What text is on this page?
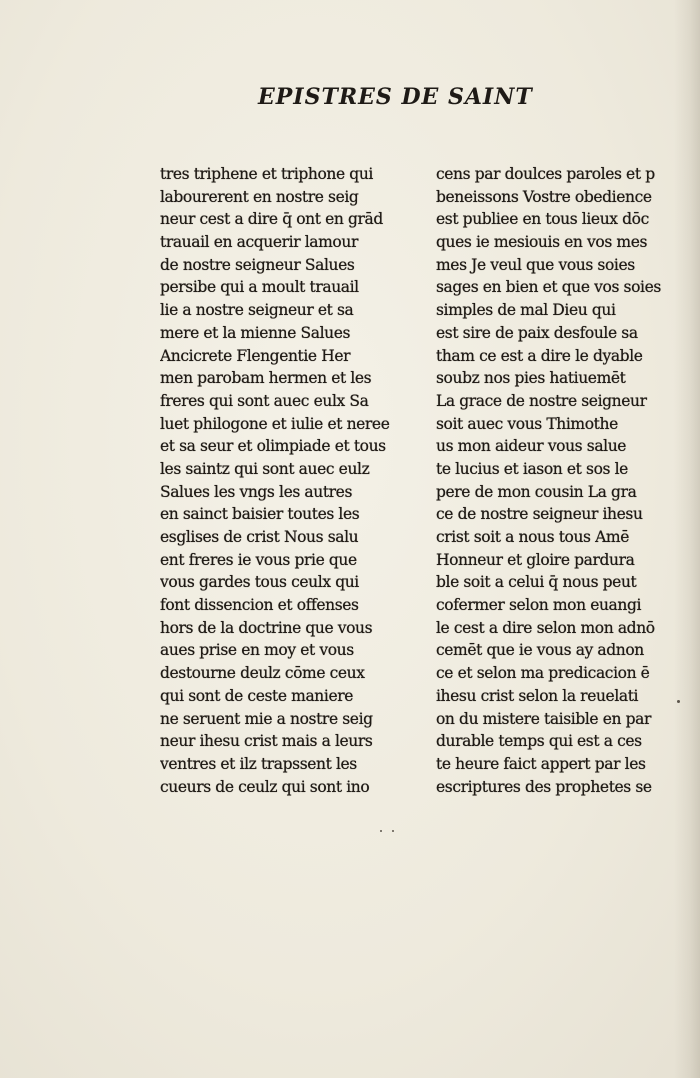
EPISTRES DE SAINT
tres triphene et triphone qui
labourerent en nostre seig
neur cest a dire q̄ ont en grād
trauail en acquerir lamour
de nostre seigneur Salues
persibe qui a moult trauail
lie a nostre seigneur et sa
mere et la mienne Salues
Ancicrete Flengentie Her
men parobam hermen et les
freres qui sont auec eulx Sa
luet philogone et iulie et neree
et sa seur et olimpiade et tous
les saintz qui sont auec eulz
Salues les vngs les autres
en sainct baisier toutes les
esglises de crist Nous salu
ent freres ie vous prie que
vous gardes tous ceulx qui
font dissencion et offenses
hors de la doctrine que vous
aues prise en moy et vous
destourne deulz cōme ceux
qui sont de ceste maniere
ne seruent mie a nostre seig
neur ihesu crist mais a leurs
ventres et ilz trapssent les
cueurs de ceulz qui sont ino
cens par doulces paroles et p
beneissons Vostre obedience
est publiee en tous lieux dōc
ques ie mesiouis en vos mes
mes Je veul que vous soies
sages en bien et que vos soies
simples de mal Dieu qui
est sire de paix desfoule sa
tham ce est a dire le dyable
soubz nos pies hatiuemēt
La grace de nostre seigneur
soit auec vous Thimothe
us mon aideur vous salue
te lucius et iason et sos le
pere de mon cousin La gra
ce de nostre seigneur ihesu
crist soit a nous tous Amē
Honneur et gloire pardura
ble soit a celui q̄ nous peut
cofermer selon mon euangi
le cest a dire selon mon adnō
cemēt que ie vous ay adnon
ce et selon ma predicacion ē
ihesu crist selon la reuelati
on du mistere taisible en par
durable temps qui est a ces
te heure faict appert par les
escriptures des prophetes se
